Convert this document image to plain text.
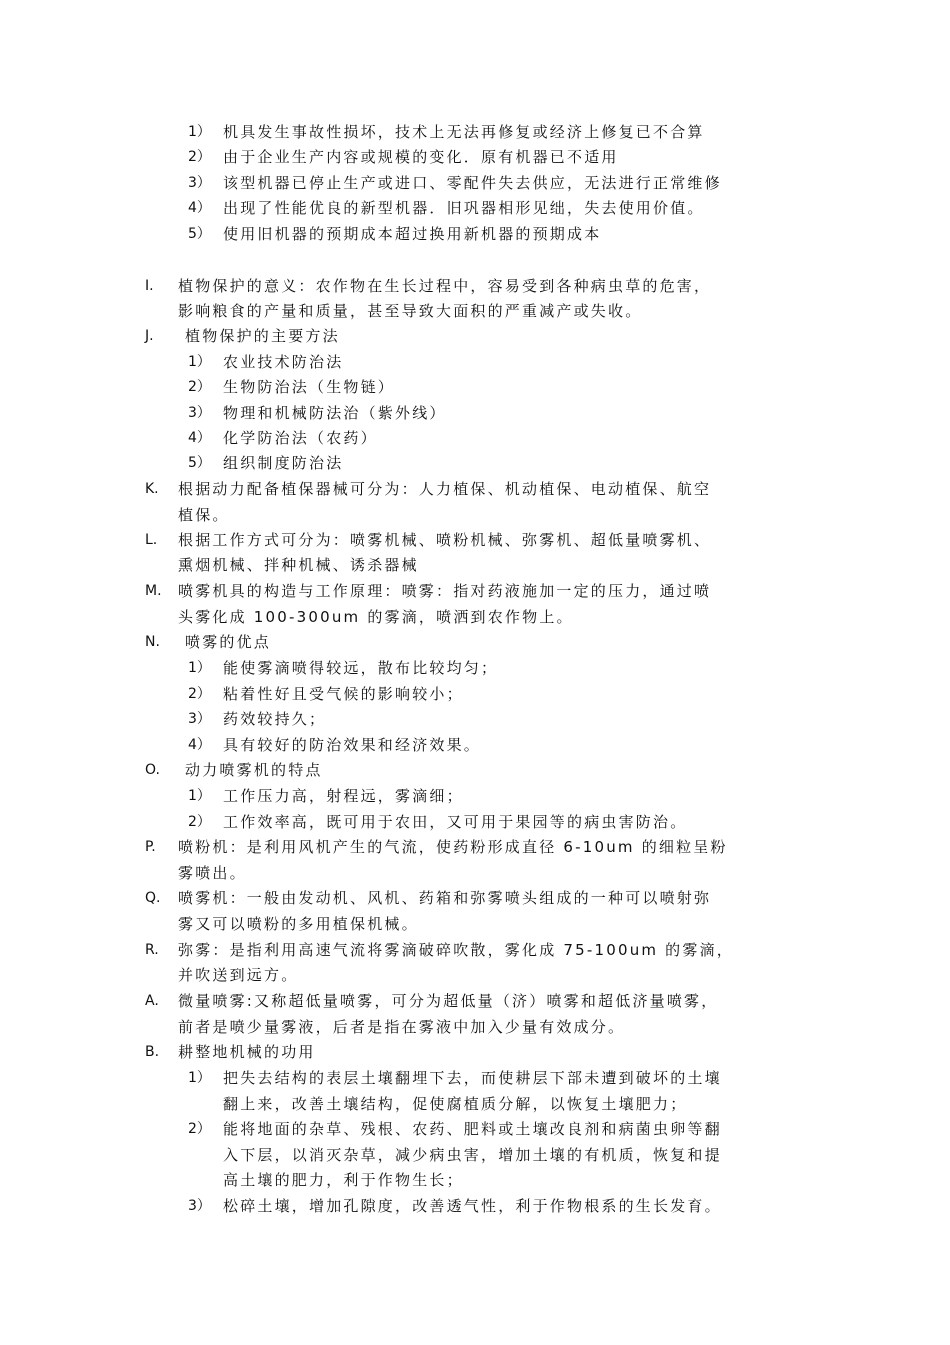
1） 机具发生事故性损坏，技术上无法再修复或经济上修复已不合算
2） 由于企业生产内容或规模的变化．原有机器已不适用
3） 该型机器已停止生产或进口、零配件失去供应，无法进行正常维修
4） 出现了性能优良的新型机器．旧巩器相形见绌，失去使用价值。
5） 使用旧机器的预期成本超过换用新机器的预期成本
I. 植物保护的意义：农作物在生长过程中，容易受到各种病虫草的危害，
影响粮食的产量和质量，甚至导致大面积的严重减产或失收。
J. 植物保护的主要方法
1） 农业技术防治法
2） 生物防治法（生物链）
3） 物理和机械防法治（紫外线）
4） 化学防治法（农药）
5） 组织制度防治法
K. 根据动力配备植保器械可分为：人力植保、机动植保、电动植保、航空
植保。
L. 根据工作方式可分为：喷雾机械、喷粉机械、弥雾机、超低量喷雾机、
熏烟机械、拌种机械、诱杀器械
M. 喷雾机具的构造与工作原理：喷雾：指对药液施加一定的压力，通过喷
头雾化成 100-300um 的雾滴，喷洒到农作物上。
N. 喷雾的优点
1） 能使雾滴喷得较远，散布比较均匀；
2） 粘着性好且受气候的影响较小；
3） 药效较持久；
4） 具有较好的防治效果和经济效果。
O. 动力喷雾机的特点
1） 工作压力高，射程远，雾滴细；
2） 工作效率高，既可用于农田，又可用于果园等的病虫害防治。
P. 喷粉机：是利用风机产生的气流，使药粉形成直径 6-10um 的细粒呈粉
雾喷出。
Q. 喷雾机：一般由发动机、风机、药箱和弥雾喷头组成的一种可以喷射弥
雾又可以喷粉的多用植保机械。
R. 弥雾：是指利用高速气流将雾滴破碎吹散，雾化成 75-100um 的雾滴，
并吹送到远方。
A. 微量喷雾:又称超低量喷雾，可分为超低量（济）喷雾和超低济量喷雾，
前者是喷少量雾液，后者是指在雾液中加入少量有效成分。
B. 耕整地机械的功用
1） 把失去结构的表层土壤翻埋下去，而使耕层下部未遭到破坏的土壤
翻上来，改善土壤结构，促使腐植质分解，以恢复土壤肥力；
2） 能将地面的杂草、残根、农药、肥料或土壤改良剂和病菌虫卵等翻
入下层，以消灭杂草，减少病虫害，增加土壤的有机质，恢复和提
高土壤的肥力，利于作物生长；
3） 松碎土壤，增加孔隙度，改善透气性，利于作物根系的生长发育。
